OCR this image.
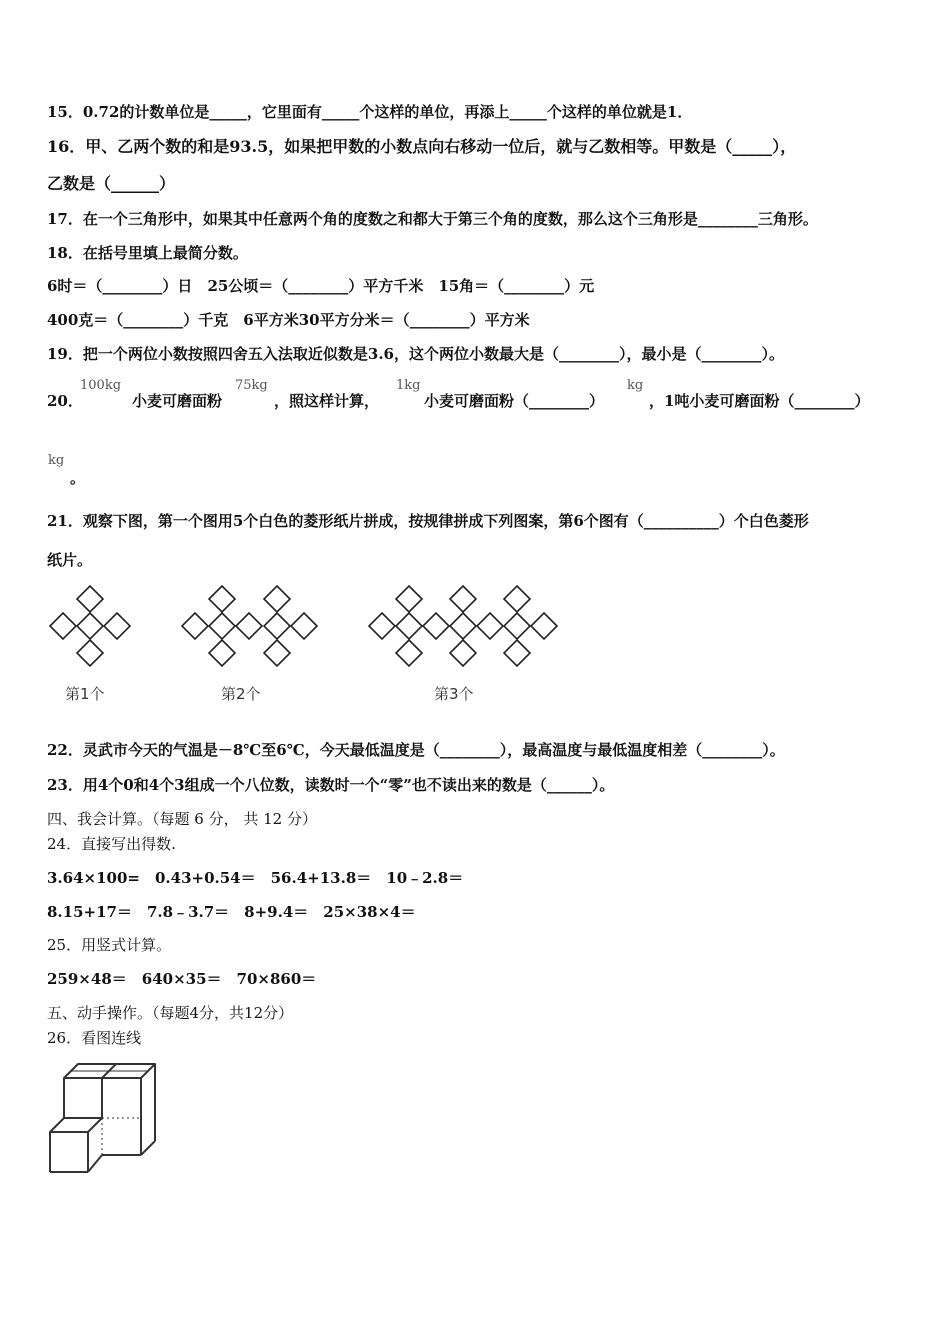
15．0.72的计数单位是_____，它里面有_____个这样的单位，再添上_____个这样的单位就是1．
16．甲、乙两个数的和是93.5，如果把甲数的小数点向右移动一位后，就与乙数相等。甲数是（_____），
乙数是（______）
17．在一个三角形中，如果其中任意两个角的度数之和都大于第三个角的度数，那么这个三角形是________三角形。
18．在括号里填上最简分数。
6时＝（________）日　25公顷＝（________）平方千米　15角＝（________）元
400克＝（________）千克　6平方米30平方分米＝（________）平方米
19．把一个两位小数按照四舍五入法取近似数是3.6，这个两位小数最大是（________），最小是（________）。
20．
100kg
小麦可磨面粉
75kg
，照这样计算，
1kg
小麦可磨面粉（________）
kg
，1吨小麦可磨面粉（________）
kg
。
21．观察下图，第一个图用5个白色的菱形纸片拼成，按规律拼成下列图案，第6个图有（__________）个白色菱形
纸片。
第1个	第2个	第3个
22．灵武市今天的气温是－8℃至6℃，今天最低温度是（________），最高温度与最低温度相差（________）。
23．用4个0和4个3组成一个八位数，读数时一个“零”也不读出来的数是（______）。
四、我会计算。（每题 6 分， 共 12 分）
24．直接写出得数.
3.64×100=　0.43+0.54＝　56.4+13.8＝　10﹣2.8＝
8.15+17＝　7.8﹣3.7＝　8+9.4＝　25×38×4＝
25．用竖式计算。
259×48＝　640×35＝　70×860＝
五、动手操作。（每题4分，共12分）
26．看图连线
